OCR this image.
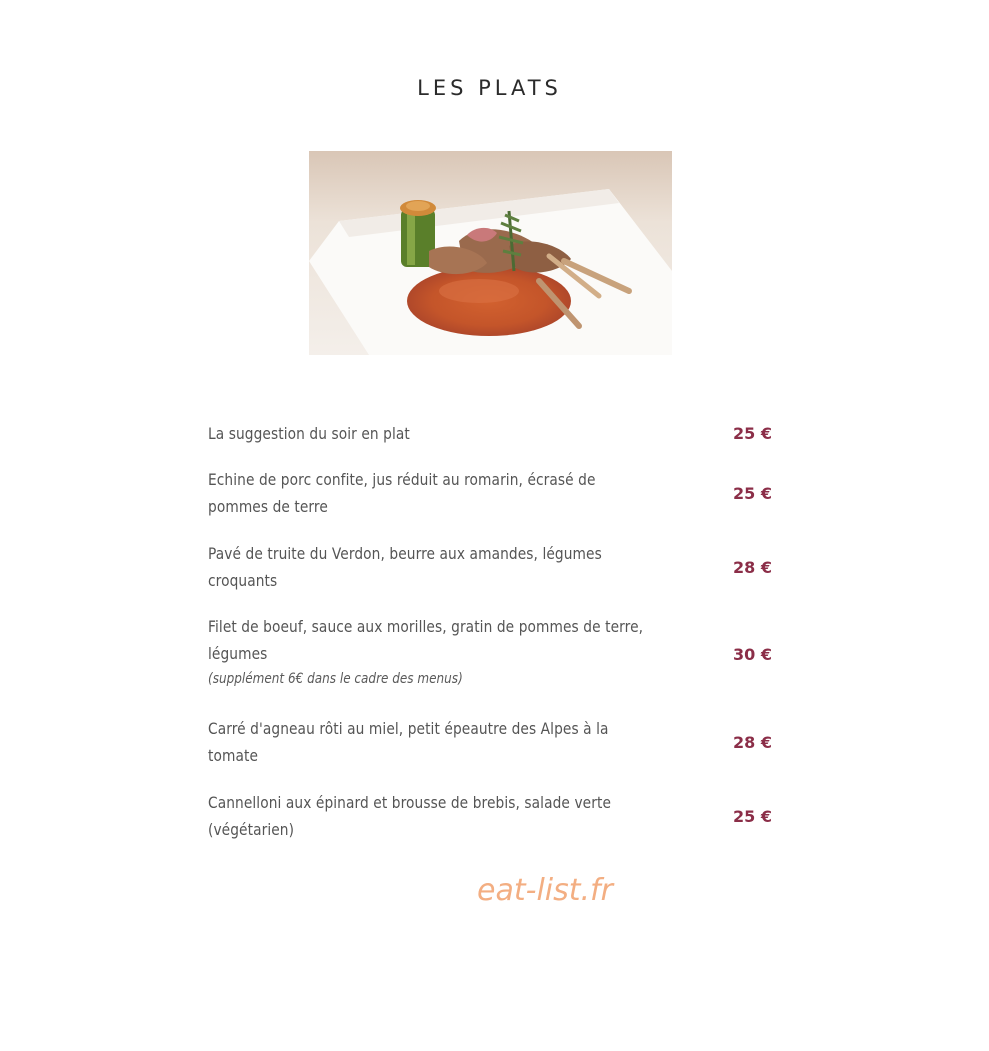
LES PLATS
La suggestion du soir en plat	25 €
Echine de porc confite, jus réduit au romarin, écrasé de
pommes de terre
25 €
Pavé de truite du Verdon, beurre aux amandes, légumes
croquants
28 €
Filet de boeuf, sauce aux morilles, gratin de pommes de terre,
légumes
(supplément 6€ dans le cadre des menus)
30 €
Carré d'agneau rôti au miel, petit épeautre des Alpes à la
tomate
28 €
Cannelloni aux épinard et brousse de brebis, salade verte
(végétarien)
25 €
eat-list.fr
